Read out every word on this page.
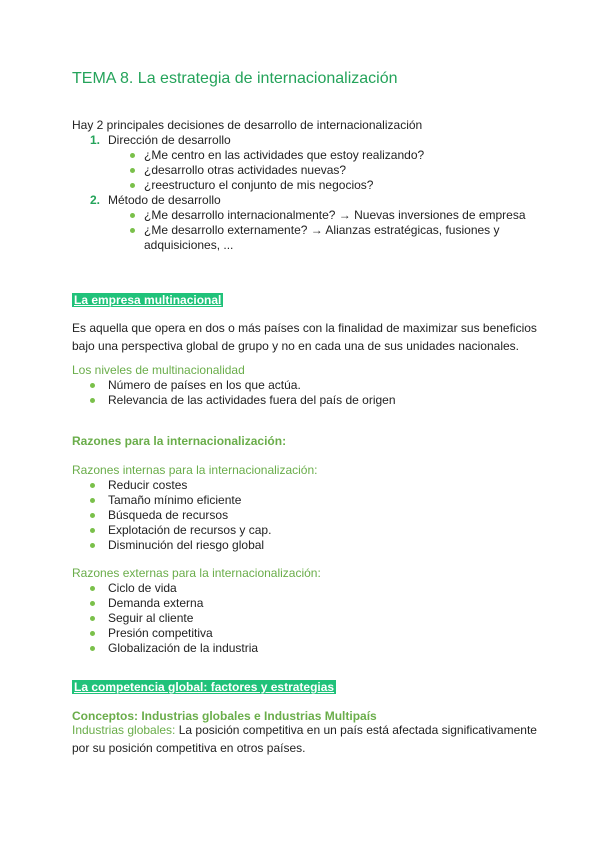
TEMA 8. La estrategia de internacionalización

Hay 2 principales decisiones de desarrollo de internacionalización

1. Dirección de desarrollo
¿Me centro en las actividades que estoy realizando?
¿desarrollo otras actividades nuevas?
¿reestructuro el conjunto de mis negocios?
2. Método de desarrollo
¿Me desarrollo internacionalmente? → Nuevas inversiones de empresa
¿Me desarrollo externamente? → Alianzas estratégicas, fusiones y adquisiciones, ...
La empresa multinacional

Es aquella que opera en dos o más países con la finalidad de maximizar sus beneficios bajo una perspectiva global de grupo y no en cada una de sus unidades nacionales.

Los niveles de multinacionalidad

Número de países en los que actúa.
Relevancia de las actividades fuera del país de origen

Razones para la internacionalización:

Razones internas para la internacionalización:

Reducir costes
Tamaño mínimo eficiente
Búsqueda de recursos
Explotación de recursos y cap.
Disminución del riesgo global

Razones externas para la internacionalización:

Ciclo de vida
Demanda externa
Seguir al cliente
Presión competitiva
Globalización de la industria
La competencia global: factores y estrategias

Conceptos: Industrias globales e Industrias Multipaís

Industrias globales: La posición competitiva en un país está afectada significativamente por su posición competitiva en otros países.
